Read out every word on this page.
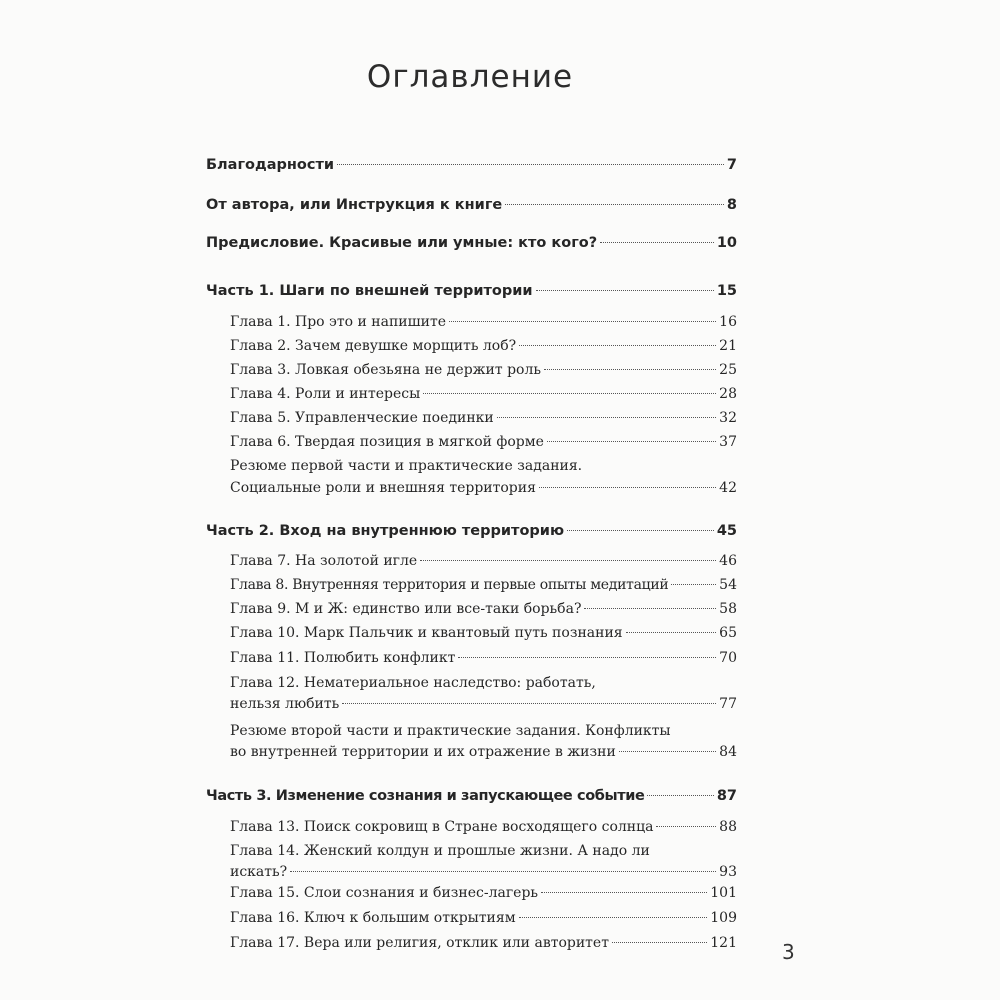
Оглавление
Благодарности	7
От автора, или Инструкция к книге	8
Предисловие. Красивые или умные: кто кого?	10
Часть 1. Шаги по внешней территории	15
Глава 1. Про это и напишите	16
Глава 2. Зачем девушке морщить лоб?	21
Глава 3. Ловкая обезьяна не держит роль	25
Глава 4. Роли и интересы	28
Глава 5. Управленческие поединки	32
Глава 6. Твердая позиция в мягкой форме	37
Резюме первой части и практические задания.
Социальные роли и внешняя территория	42
Часть 2. Вход на внутреннюю территорию	45
Глава 7. На золотой игле	46
Глава 8. Внутренняя территория и первые опыты медитаций	54
Глава 9. М и Ж: единство или все-таки борьба?	58
Глава 10. Марк Пальчик и квантовый путь познания	65
Глава 11. Полюбить конфликт	70
Глава 12. Нематериальное наследство: работать,
нельзя любить	77
Резюме второй части и практические задания. Конфликты
во внутренней территории и их отражение в жизни	84
Часть 3. Изменение сознания и запускающее событие	87
Глава 13. Поиск сокровищ в Стране восходящего солнца	88
Глава 14. Женский колдун и прошлые жизни. А надо ли
искать?	93
Глава 15. Слои сознания и бизнес-лагерь	101
Глава 16. Ключ к большим открытиям	109
Глава 17. Вера или религия, отклик или авторитет	121 3
